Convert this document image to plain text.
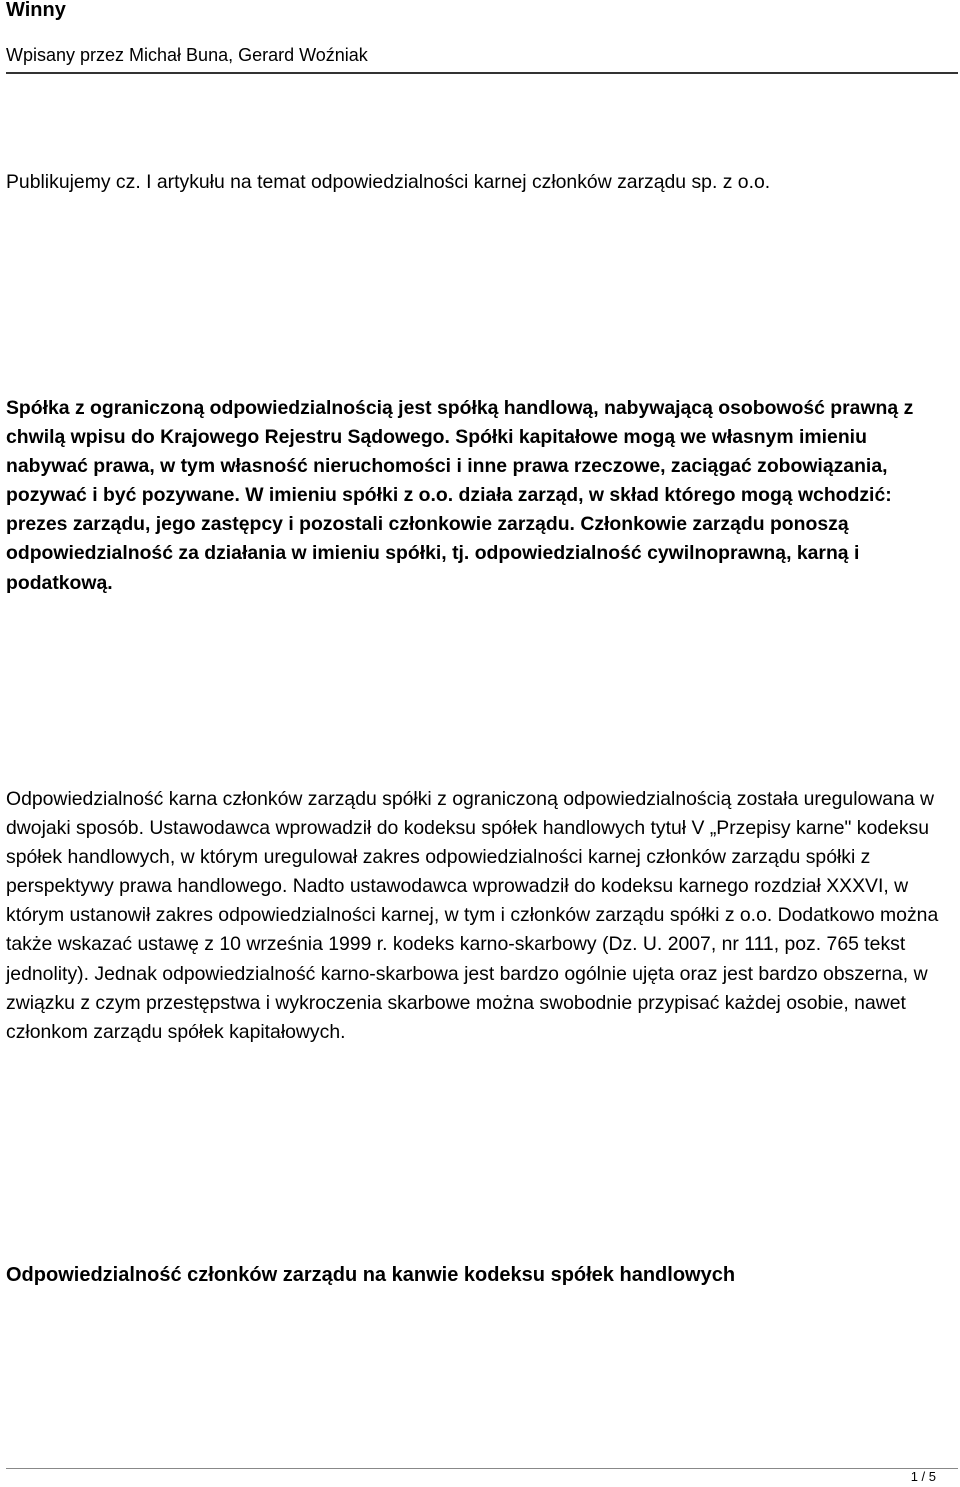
Winny
Wpisany przez Michał Buna, Gerard Woźniak

Publikujemy cz. I artykułu na temat odpowiedzialności karnej członków zarządu sp. z o.o.

Spółka z ograniczoną odpowiedzialnością jest spółką handlową, nabywającą osobowość prawną z chwilą wpisu do Krajowego Rejestru Sądowego. Spółki kapitałowe mogą we własnym imieniu nabywać prawa, w tym własność nieruchomości i inne prawa rzeczowe, zaciągać zobowiązania, pozywać i być pozywane. W imieniu spółki z o.o. działa zarząd, w skład którego mogą wchodzić: prezes zarządu, jego zastępcy i pozostali członkowie zarządu. Członkowie zarządu ponoszą odpowiedzialność za działania w imieniu spółki, tj. odpowiedzialność cywilnoprawną, karną i podatkową.

Odpowiedzialność karna członków zarządu spółki z ograniczoną odpowiedzialnością została uregulowana w dwojaki sposób. Ustawodawca wprowadził do kodeksu spółek handlowych tytuł V „Przepisy karne" kodeksu spółek handlowych, w którym uregulował zakres odpowiedzialności karnej członków zarządu spółki z perspektywy prawa handlowego. Nadto ustawodawca wprowadził do kodeksu karnego rozdział XXXVI, w którym ustanowił zakres odpowiedzialności karnej, w tym i członków zarządu spółki z o.o. Dodatkowo można także wskazać ustawę z 10 września 1999 r. kodeks karno-skarbowy (Dz. U. 2007, nr 111, poz. 765 tekst jednolity). Jednak odpowiedzialność karno-skarbowa jest bardzo ogólnie ujęta oraz jest bardzo obszerna, w związku z czym przestępstwa i wykroczenia skarbowe można swobodnie przypisać każdej osobie, nawet członkom zarządu spółek kapitałowych.

Odpowiedzialność członków zarządu na kanwie kodeksu spółek handlowych
1 / 5
